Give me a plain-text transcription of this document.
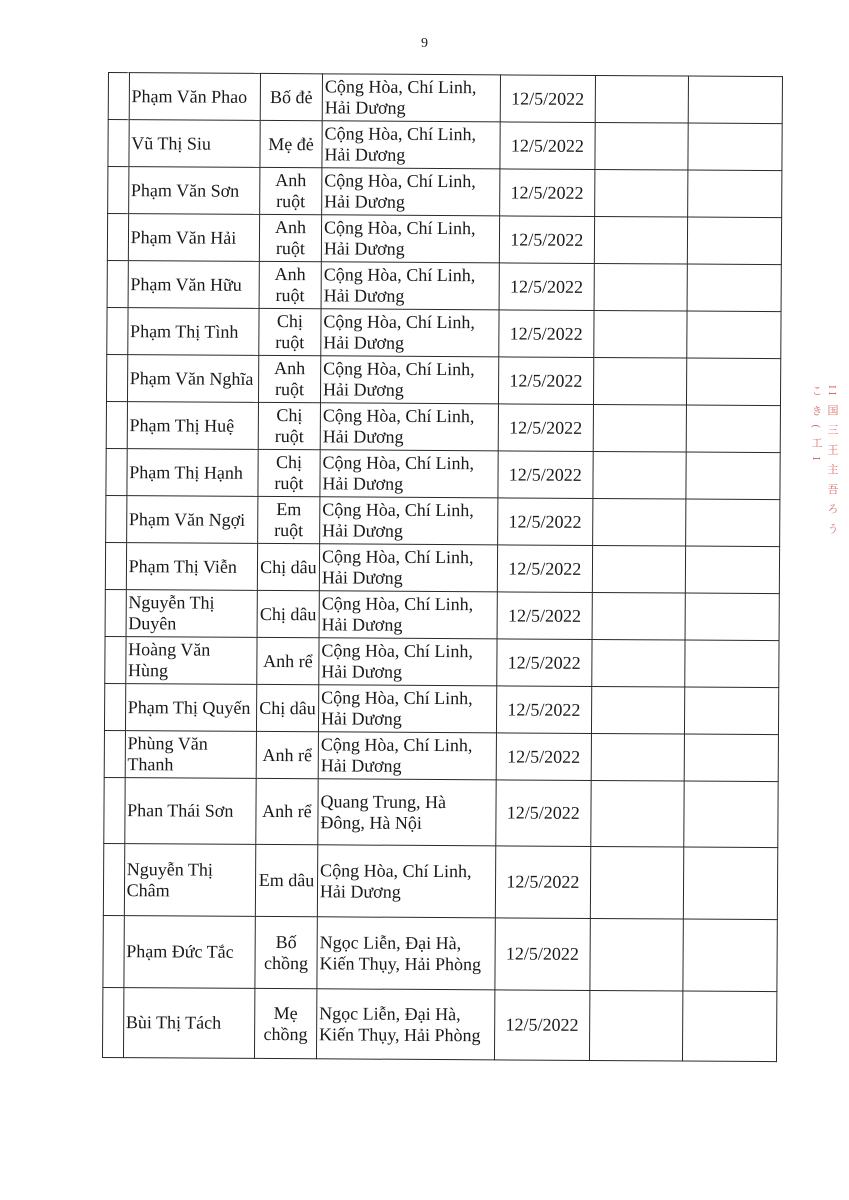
9
	Phạm Văn Phao	Bố đẻ	Cộng Hòa, Chí Linh, Hải Dương	12/5/2022		
	Vũ Thị Siu	Mẹ đẻ	Cộng Hòa, Chí Linh, Hải Dương	12/5/2022		
	Phạm Văn Sơn	Anh ruột	Cộng Hòa, Chí Linh, Hải Dương	12/5/2022		
	Phạm Văn Hải	Anh ruột	Cộng Hòa, Chí Linh, Hải Dương	12/5/2022		
	Phạm Văn Hữu	Anh ruột	Cộng Hòa, Chí Linh, Hải Dương	12/5/2022		
	Phạm Thị Tình	Chị ruột	Cộng Hòa, Chí Linh, Hải Dương	12/5/2022		
	Phạm Văn Nghĩa	Anh ruột	Cộng Hòa, Chí Linh, Hải Dương	12/5/2022		
	Phạm Thị Huệ	Chị ruột	Cộng Hòa, Chí Linh, Hải Dương	12/5/2022		
	Phạm Thị Hạnh	Chị ruột	Cộng Hòa, Chí Linh, Hải Dương	12/5/2022		
	Phạm Văn Ngợi	Em ruột	Cộng Hòa, Chí Linh, Hải Dương	12/5/2022		
	Phạm Thị Viễn	Chị dâu	Cộng Hòa, Chí Linh, Hải Dương	12/5/2022		
	Nguyễn Thị Duyên	Chị dâu	Cộng Hòa, Chí Linh, Hải Dương	12/5/2022		
	Hoàng Văn Hùng	Anh rể	Cộng Hòa, Chí Linh, Hải Dương	12/5/2022		
	Phạm Thị Quyến	Chị dâu	Cộng Hòa, Chí Linh, Hải Dương	12/5/2022		
	Phùng Văn Thanh	Anh rể	Cộng Hòa, Chí Linh, Hải Dương	12/5/2022		
	Phan Thái Sơn	Anh rể	Quang Trung, Hà Đông, Hà Nội	12/5/2022		
	Nguyễn Thị Châm	Em dâu	Cộng Hòa, Chí Linh, Hải Dương	12/5/2022		
	Phạm Đức Tắc	Bố chồng	Ngọc Liễn, Đại Hà, Kiến Thụy, Hải Phòng	12/5/2022		
	Bùi Thị Tách	Mẹ chồng	Ngọc Liễn, Đại Hà, Kiến Thụy, Hải Phòng	12/5/2022		
II 国 三 王 主 吾 ろ う こ き ( 工 I
